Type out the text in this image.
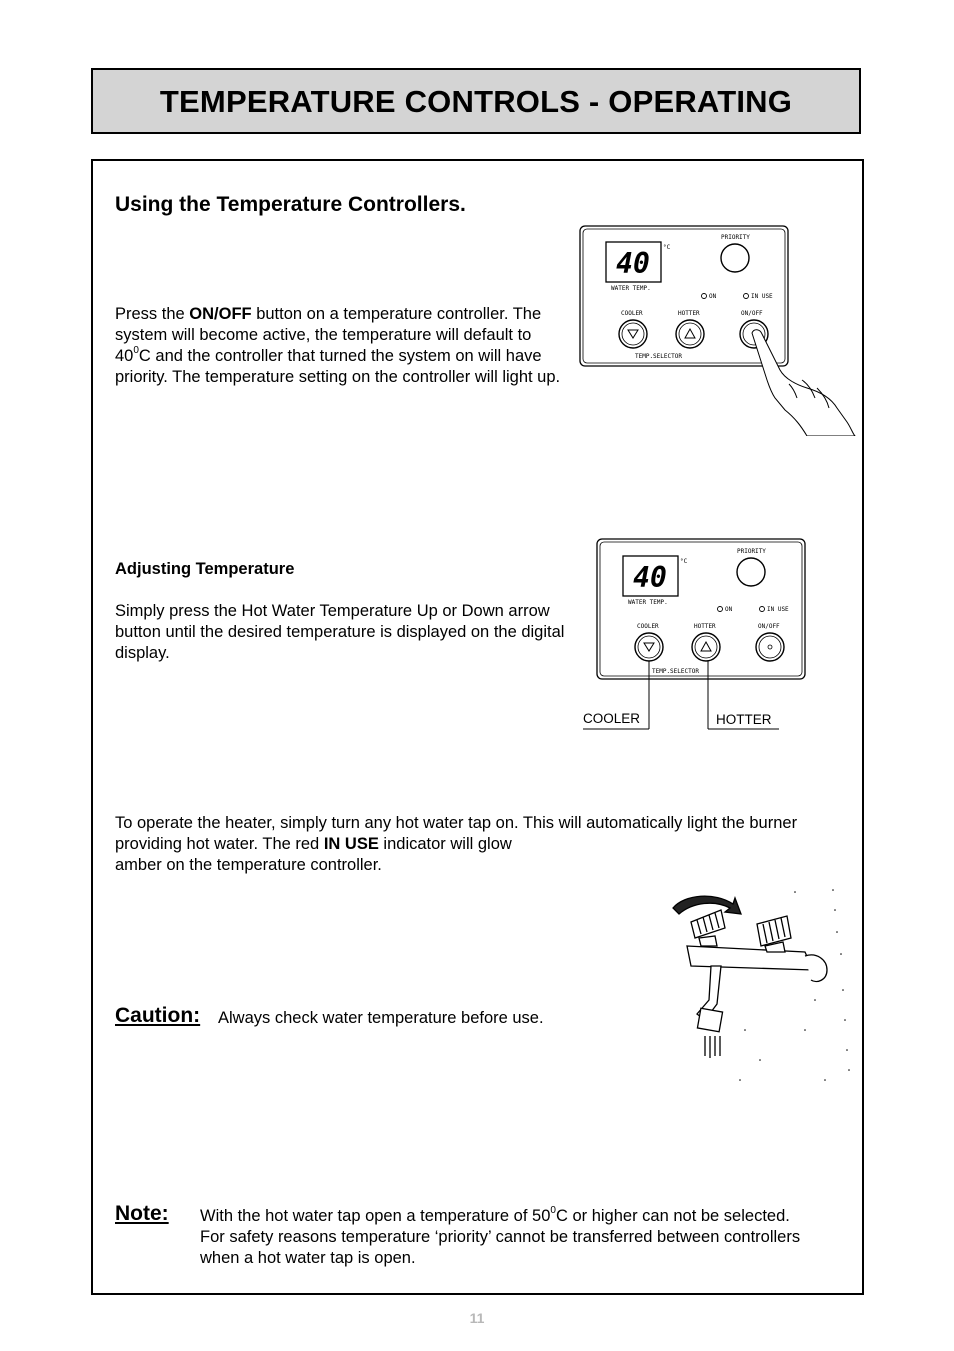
TEMPERATURE CONTROLS - OPERATING
Using the Temperature Controllers.
Press the ON/OFF button on a temperature controller. The system will become active, the temperature will default to $40^0C$ and the controller that turned the system on will have priority. The temperature setting on the controller will light up.
40 °C
WATER TEMP.
PRIORITY
ON	IN USE
COOLER	HOTTER	ON/OFF
TEMP.SELECTOR
Adjusting Temperature
Simply press the Hot Water Temperature Up or Down arrow button until the desired temperature is displayed on the digital display.
40 °C
WATER TEMP.
PRIORITY
ON	IN USE
COOLER	HOTTER	ON/OFF
TEMP.SELECTOR
COOLER	HOTTER
To operate the heater, simply turn any hot water tap on. This will automatically light the burner providing hot water. The red IN USE indicator will glow
amber on the temperature controller.
Caution: Always check water temperature before use.
Note: With the hot water tap open a temperature of $50^0C$ or higher can not be selected. For safety reasons temperature ‘priority’ cannot be transferred between controllers when a hot water tap is open.
11
